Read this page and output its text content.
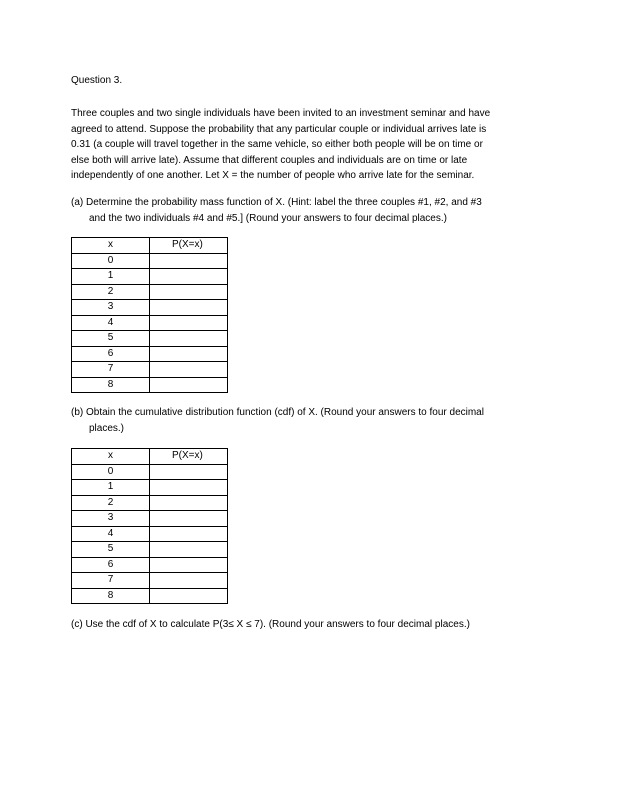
Question 3.
Three couples and two single individuals have been invited to an investment seminar and have
agreed to attend. Suppose the probability that any particular couple or individual arrives late is
0.31 (a couple will travel together in the same vehicle, so either both people will be on time or
else both will arrive late). Assume that different couples and individuals are on time or late
independently of one another. Let X = the number of people who arrive late for the seminar.
(a) Determine the probability mass function of X. (Hint: label the three couples #1, #2, and #3
and the two individuals #4 and #5.] (Round your answers to four decimal places.)
x	P(X=x)
0	
1	
2	
3	
4	
5	
6	
7	
8	
(b) Obtain the cumulative distribution function (cdf) of X. (Round your answers to four decimal
places.)
x	P(X=x)
0	
1	
2	
3	
4	
5	
6	
7	
8	
(c) Use the cdf of X to calculate P(3≤ X ≤ 7). (Round your answers to four decimal places.)
